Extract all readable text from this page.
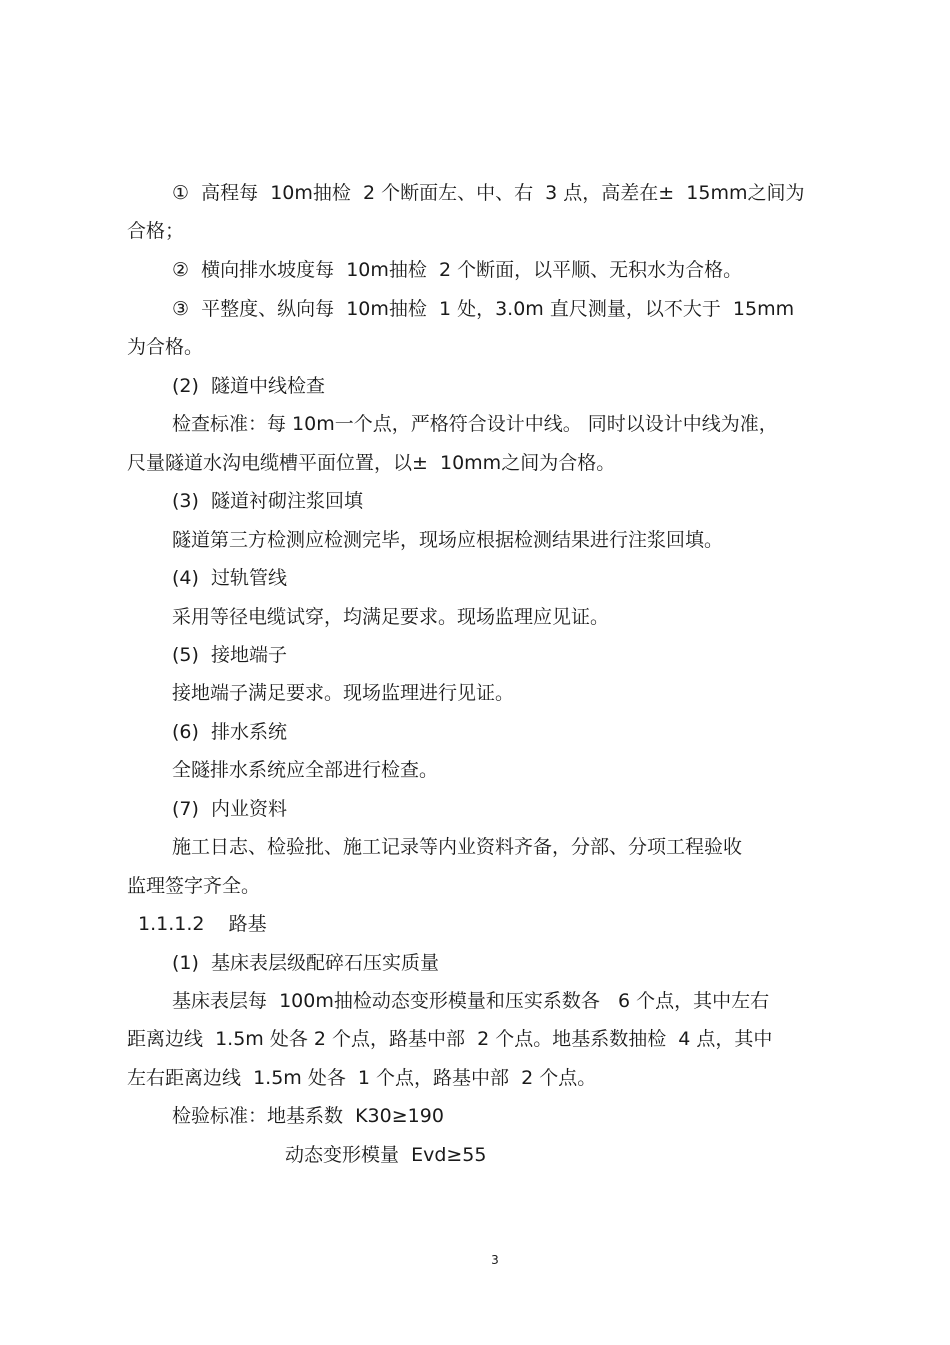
①  高程每  10m抽检  2 个断面左、中、右  3 点，高差在±  15mm之间为

合格；

②  横向排水坡度每  10m抽检  2 个断面，以平顺、无积水为合格。

③  平整度、纵向每  10m抽检  1 处，3.0m 直尺测量，以不大于  15mm

为合格。

(2)  隧道中线检查

检查标准：每 10m一个点，严格符合设计中线。 同时以设计中线为准，

尺量隧道水沟电缆槽平面位置，以±  10mm之间为合格。

(3)  隧道衬砌注浆回填

隧道第三方检测应检测完毕，现场应根据检测结果进行注浆回填。

(4)  过轨管线

采用等径电缆试穿，均满足要求。现场监理应见证。

(5)  接地端子

接地端子满足要求。现场监理进行见证。

(6)  排水系统

全隧排水系统应全部进行检查。

(7)  内业资料

施工日志、检验批、施工记录等内业资料齐备，分部、分项工程验收

监理签字齐全。

1.1.1.2    路基

(1)  基床表层级配碎石压实质量

基床表层每  100m抽检动态变形模量和压实系数各   6 个点，其中左右

距离边线  1.5m 处各 2 个点，路基中部  2 个点。地基系数抽检  4 点，其中

左右距离边线  1.5m 处各  1 个点，路基中部  2 个点。

检验标准：地基系数  K30≥190

动态变形模量  Evd≥55

3
